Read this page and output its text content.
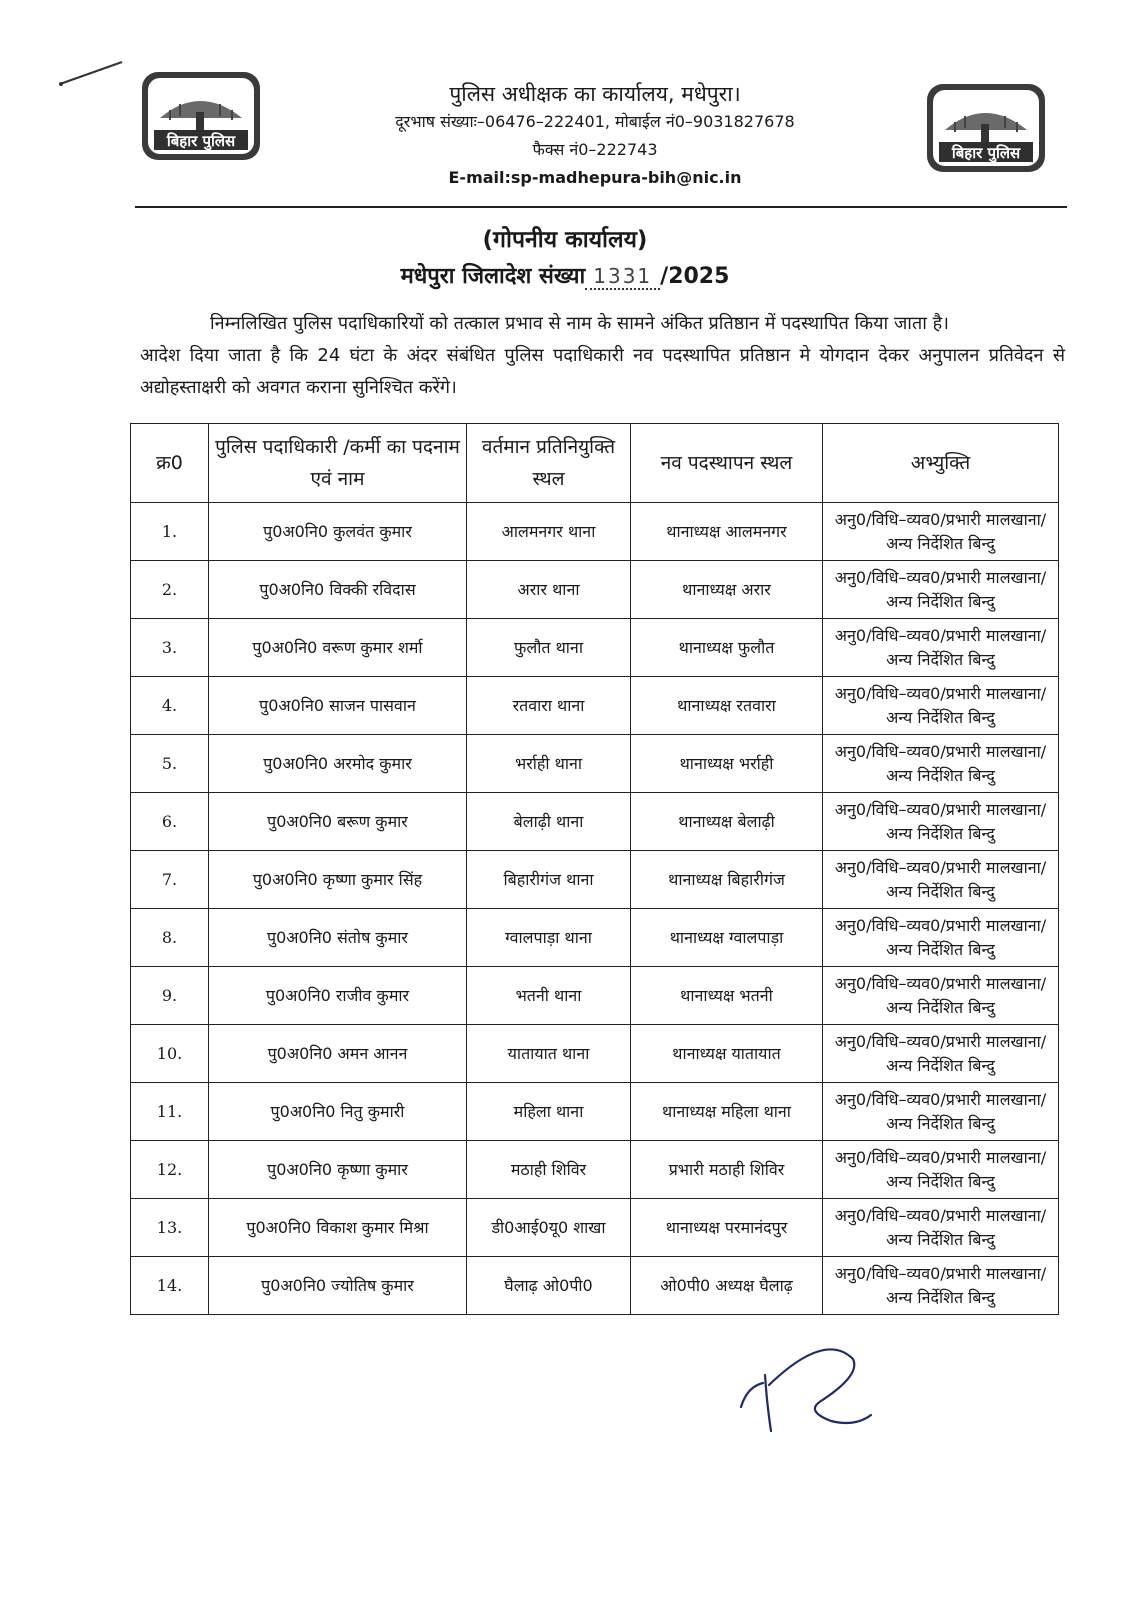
बिहार पुलिस
बिहार पुलिस
पुलिस अधीक्षक का कार्यालय, मधेपुरा।
दूरभाष संख्याः–06476–222401, मोबाईल नं0–9031827678
फैक्स नं0–222743
E-mail:sp-madhepura-bih@nic.in
(गोपनीय कार्यालय)
मधेपुरा जिलादेश संख्या 1331 /2025
निम्नलिखित पुलिस पदाधिकारियों को तत्काल प्रभाव से नाम के सामने अंकित प्रतिष्ठान में पदस्थापित किया जाता है।
आदेश दिया जाता है कि 24 घंटा के अंदर संबंधित पुलिस पदाधिकारी नव पदस्थापित प्रतिष्ठान मे योगदान देकर अनुपालन प्रतिवेदन से अद्योहस्ताक्षरी को अवगत कराना सुनिश्चित करेंगे।
क्र0	पुलिस पदाधिकारी /कर्मी का पदनाम एवं नाम	वर्तमान प्रतिनियुक्ति स्थल	नव पदस्थापन स्थल	अभ्युक्ति
1.	पु0अ0नि0 कुलवंत कुमार	आलमनगर थाना	थानाध्यक्ष आलमनगर	अनु0/विधि–व्यव0/प्रभारी मालखाना/अन्य निर्देशित बिन्दु
2.	पु0अ0नि0 विक्की रविदास	अरार थाना	थानाध्यक्ष अरार	अनु0/विधि–व्यव0/प्रभारी मालखाना/अन्य निर्देशित बिन्दु
3.	पु0अ0नि0 वरूण कुमार शर्मा	फुलौत थाना	थानाध्यक्ष फुलौत	अनु0/विधि–व्यव0/प्रभारी मालखाना/अन्य निर्देशित बिन्दु
4.	पु0अ0नि0 साजन पासवान	रतवारा थाना	थानाध्यक्ष रतवारा	अनु0/विधि–व्यव0/प्रभारी मालखाना/अन्य निर्देशित बिन्दु
5.	पु0अ0नि0 अरमोद कुमार	भर्राही थाना	थानाध्यक्ष भर्राही	अनु0/विधि–व्यव0/प्रभारी मालखाना/अन्य निर्देशित बिन्दु
6.	पु0अ0नि0 बरूण कुमार	बेलाढ़ी थाना	थानाध्यक्ष बेलाढ़ी	अनु0/विधि–व्यव0/प्रभारी मालखाना/अन्य निर्देशित बिन्दु
7.	पु0अ0नि0 कृष्णा कुमार सिंह	बिहारीगंज थाना	थानाध्यक्ष बिहारीगंज	अनु0/विधि–व्यव0/प्रभारी मालखाना/अन्य निर्देशित बिन्दु
8.	पु0अ0नि0 संतोष कुमार	ग्वालपाड़ा थाना	थानाध्यक्ष ग्वालपाड़ा	अनु0/विधि–व्यव0/प्रभारी मालखाना/अन्य निर्देशित बिन्दु
9.	पु0अ0नि0 राजीव कुमार	भतनी थाना	थानाध्यक्ष भतनी	अनु0/विधि–व्यव0/प्रभारी मालखाना/अन्य निर्देशित बिन्दु
10.	पु0अ0नि0 अमन आनन	यातायात थाना	थानाध्यक्ष यातायात	अनु0/विधि–व्यव0/प्रभारी मालखाना/अन्य निर्देशित बिन्दु
11.	पु0अ0नि0 नितु कुमारी	महिला थाना	थानाध्यक्ष महिला थाना	अनु0/विधि–व्यव0/प्रभारी मालखाना/अन्य निर्देशित बिन्दु
12.	पु0अ0नि0 कृष्णा कुमार	मठाही शिविर	प्रभारी मठाही शिविर	अनु0/विधि–व्यव0/प्रभारी मालखाना/अन्य निर्देशित बिन्दु
13.	पु0अ0नि0 विकाश कुमार मिश्रा	डी0आई0यू0 शाखा	थानाध्यक्ष परमानंदपुर	अनु0/विधि–व्यव0/प्रभारी मालखाना/अन्य निर्देशित बिन्दु
14.	पु0अ0नि0 ज्योतिष कुमार	घैलाढ़ ओ0पी0	ओ0पी0 अध्यक्ष घैलाढ़	अनु0/विधि–व्यव0/प्रभारी मालखाना/अन्य निर्देशित बिन्दु
